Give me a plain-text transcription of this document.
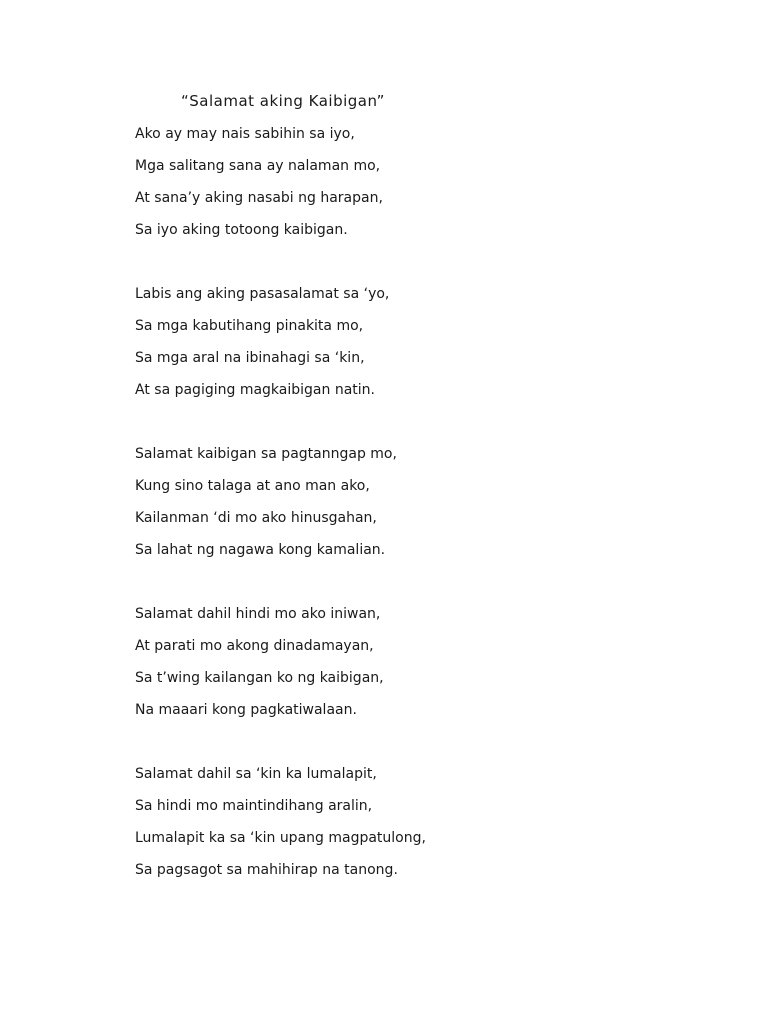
“Salamat aking Kaibigan”
Ako ay may nais sabihin sa iyo,
Mga salitang sana ay nalaman mo,
At sana’y aking nasabi ng harapan,
Sa iyo aking totoong kaibigan.
Labis ang aking pasasalamat sa ‘yo,
Sa mga kabutihang pinakita mo,
Sa mga aral na ibinahagi sa ‘kin,
At sa pagiging magkaibigan natin.
Salamat kaibigan sa pagtanngap mo,
Kung sino talaga at ano man ako,
Kailanman ‘di mo ako hinusgahan,
Sa lahat ng nagawa kong kamalian.
Salamat dahil hindi mo ako iniwan,
At parati mo akong dinadamayan,
Sa t’wing kailangan ko ng kaibigan,
Na maaari kong pagkatiwalaan.
Salamat dahil sa ‘kin ka lumalapit,
Sa hindi mo maintindihang aralin,
Lumalapit ka sa ‘kin upang magpatulong,
Sa pagsagot sa mahihirap na tanong.
